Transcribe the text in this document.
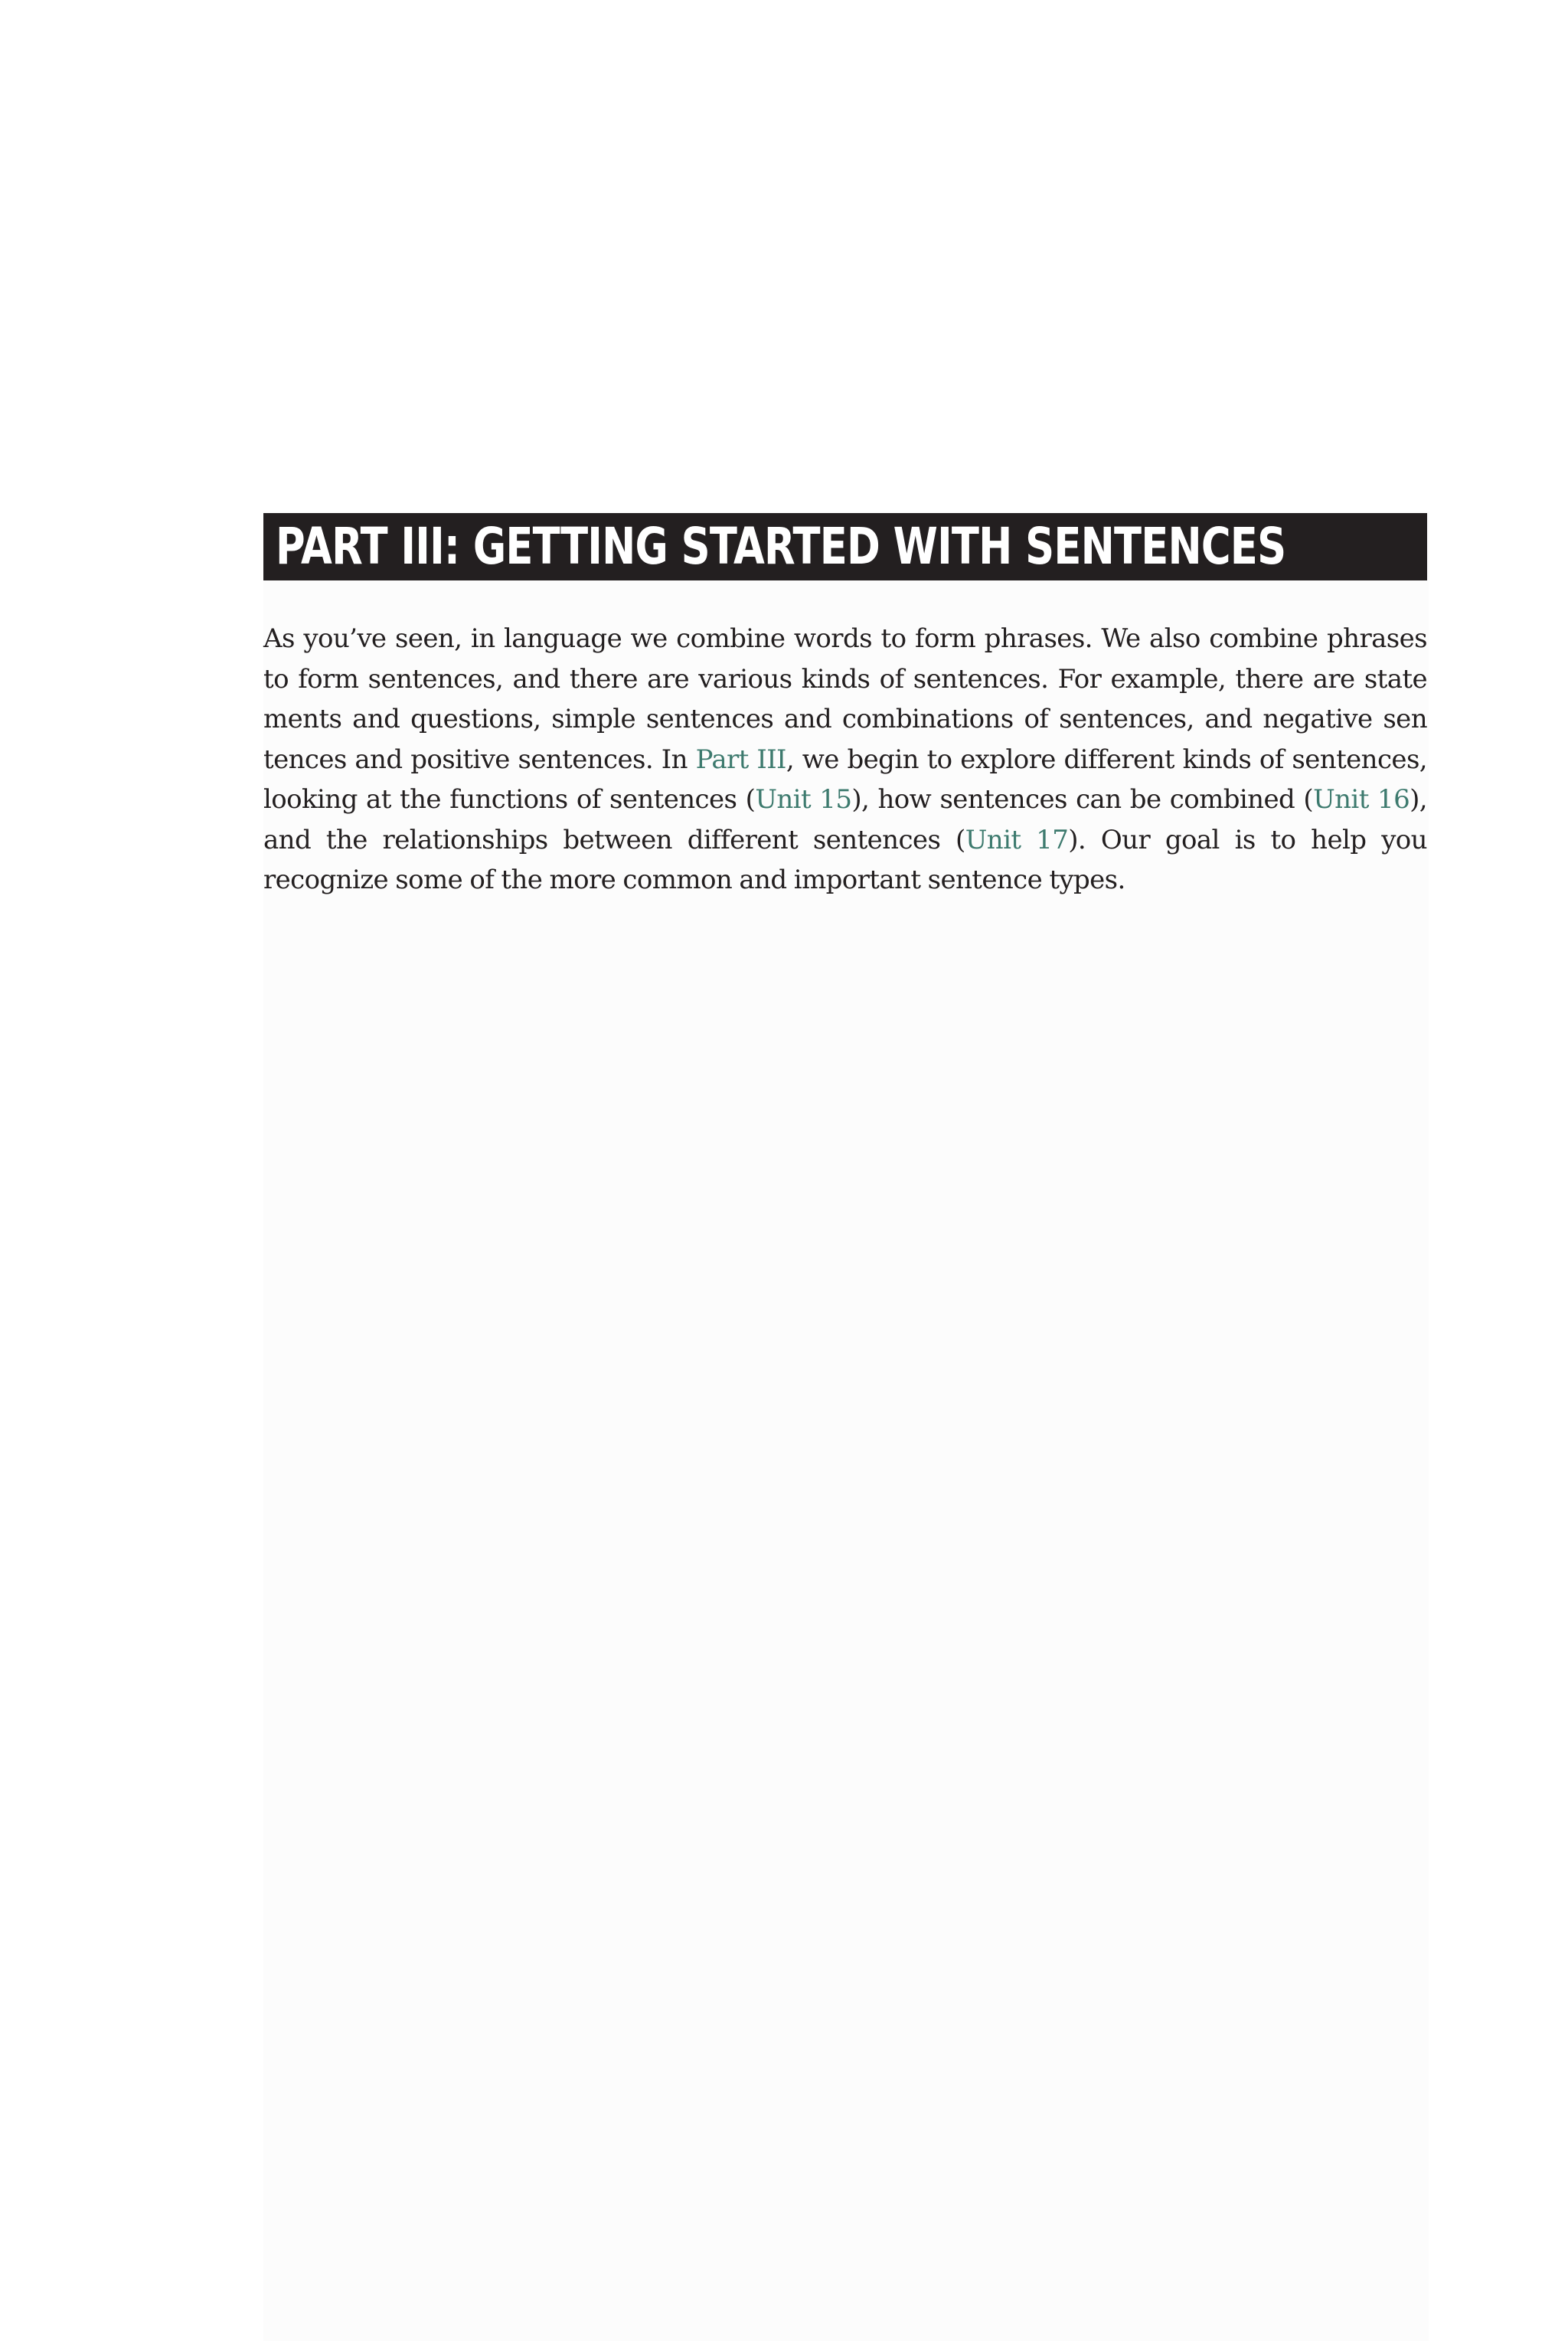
PART III: GETTING STARTED WITH SENTENCES

As you’ve seen, in language we combine words to form phrases. We also combine phrases to form sentences, and there are various kinds of sentences. For example, there are state ments and questions, simple sentences and combinations of sentences, and negative sen tences and positive sentences. In Part III, we begin to explore different kinds of sentences, looking at the functions of sentences (Unit 15), how sentences can be combined (Unit 16), and the relationships between different sentences (Unit 17). Our goal is to help you recognize some of the more common and important sentence types.
